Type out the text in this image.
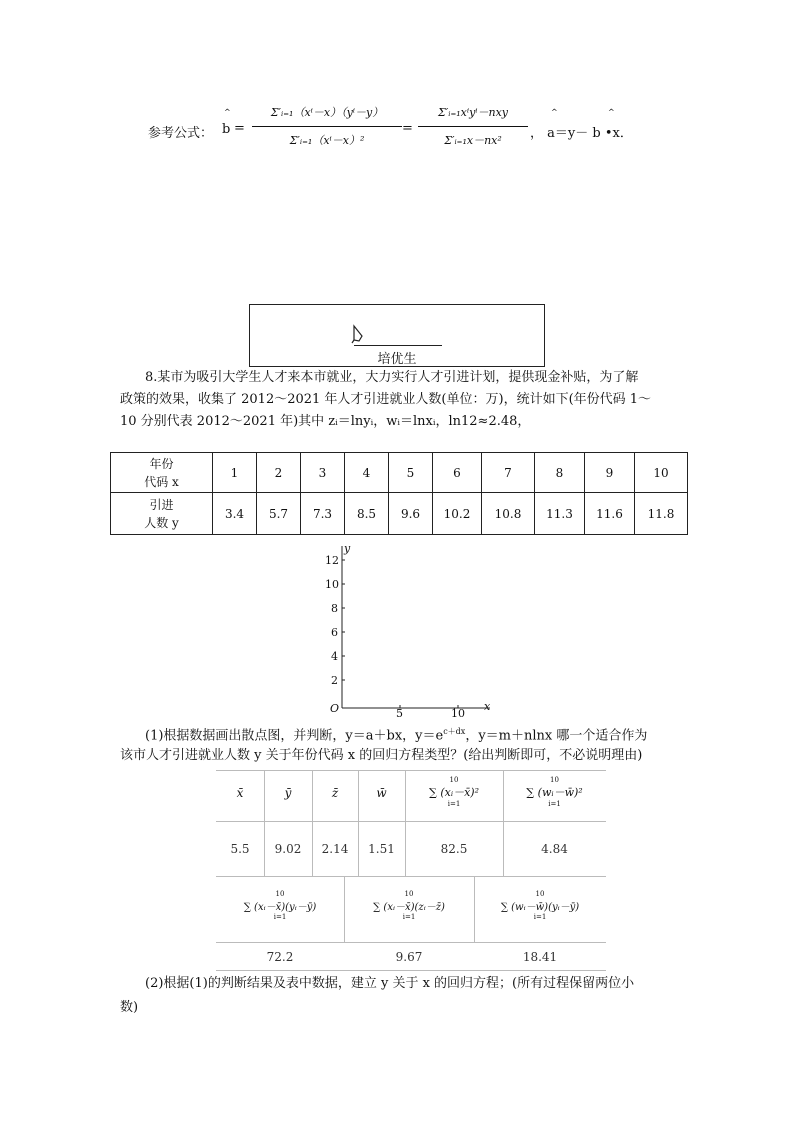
参考公式：
^
b =
Σ′ᵢ₌₁（xⁱ－x）（yⁱ－y）
Σ′ᵢ₌₁（xⁱ－x）²
=
Σ′ᵢ₌₁xⁱyⁱ－nxy
Σ′ᵢ₌₁x－nx²	， a＝y－ b •x．
^	^
培优生
8.某市为吸引大学生人才来本市就业，大力实行人才引进计划，提供现金补贴，为了解
政策的效果，收集了 2012～2021 年人才引进就业人数(单位：万)，统计如下(年份代码 1～
10 分别代表 2012～2021 年)其中 zᵢ＝lnyᵢ，wᵢ＝lnxᵢ，ln12≈2.48，
年份
代码 x	1	2	3	4	5	6	7	8	9	10

引进
人数 y	3.4	5.7	7.3	8.5	9.6	10.2	10.8	11.3	11.6	11.8
y
x
O
12
10
8
6
4
2
5	10
(1)根据数据画出散点图，并判断，y＝a＋bx，$y=e^{c+dx}$，y＝m＋nlnx 哪一个适合作为
该市人才引进就业人数 y 关于年份代码 x 的回归方程类型？(给出判断即可，不必说明理由)
x̄	ȳ	z̄	w̄
10
∑ (xᵢ－x̄)²
i=1
10
∑ (wᵢ－w̄)²
i=1
5.5	9.02	2.14	1.51	82.5	4.84
10
∑ (xᵢ－x̄)(yᵢ－ȳ)
i=1
10
∑ (xᵢ－x̄)(zᵢ－z̄)
i=1
10
∑ (wᵢ－w̄)(yᵢ－ȳ)
i=1
72.2	9.67	18.41
(2)根据(1)的判断结果及表中数据，建立 y 关于 x 的回归方程；(所有过程保留两位小
数)
